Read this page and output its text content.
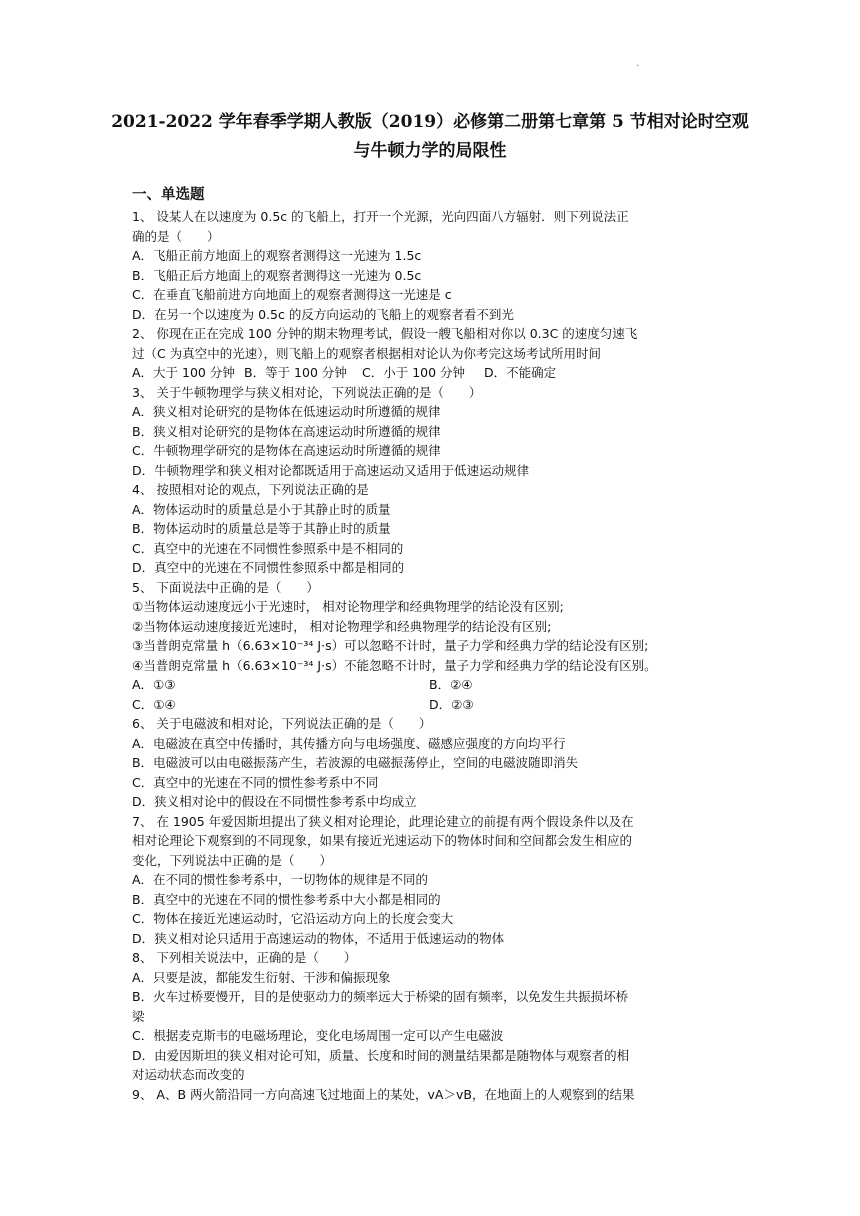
.
2021-2022 学年春季学期人教版（2019）必修第二册第七章第 5 节相对论时空观
与牛顿力学的局限性
一、单选题
1、 设某人在以速度为 0.5c 的飞船上，打开一个光源，光向四面八方辐射．则下列说法正
确的是（　　）
A．飞船正前方地面上的观察者测得这一光速为 1.5c
B．飞船正后方地面上的观察者测得这一光速为 0.5c
C．在垂直飞船前进方向地面上的观察者测得这一光速是 c
D．在另一个以速度为 0.5c 的反方向运动的飞船上的观察者看不到光
2、 你现在正在完成 100 分钟的期末物理考试，假设一艘飞船相对你以 0.3C 的速度匀速飞
过（C 为真空中的光速），则飞船上的观察者根据相对论认为你考完这场考试所用时间
A．大于 100 分钟 B．等于 100 分钟	C．小于 100 分钟	D．不能确定
3、 关于牛顿物理学与狭义相对论，下列说法正确的是（　　）
A．狭义相对论研究的是物体在低速运动时所遵循的规律
B．狭义相对论研究的是物体在高速运动时所遵循的规律
C．牛顿物理学研究的是物体在高速运动时所遵循的规律
D．牛顿物理学和狭义相对论都既适用于高速运动又适用于低速运动规律
4、 按照相对论的观点，下列说法正确的是
A．物体运动时的质量总是小于其静止时的质量
B．物体运动时的质量总是等于其静止时的质量
C．真空中的光速在不同惯性参照系中是不相同的
D．真空中的光速在不同惯性参照系中都是相同的
5、 下面说法中正确的是（　　）
①当物体运动速度远小于光速时， 相对论物理学和经典物理学的结论没有区别;
②当物体运动速度接近光速时， 相对论物理学和经典物理学的结论没有区别;
③当普朗克常量 h（6.63×10⁻³⁴ J·s）可以忽略不计时，量子力学和经典力学的结论没有区别;
④当普朗克常量 h（6.63×10⁻³⁴ J·s）不能忽略不计时，量子力学和经典力学的结论没有区别。
A．①③	B．②④
C．①④	D．②③
6、 关于电磁波和相对论，下列说法正确的是（　　）
A．电磁波在真空中传播时，其传播方向与电场强度、磁感应强度的方向均平行
B．电磁波可以由电磁振荡产生，若波源的电磁振荡停止，空间的电磁波随即消失
C．真空中的光速在不同的惯性参考系中不同
D．狭义相对论中的假设在不同惯性参考系中均成立
7、 在 1905 年爱因斯坦提出了狭义相对论理论，此理论建立的前提有两个假设条件以及在
相对论理论下观察到的不同现象，如果有接近光速运动下的物体时间和空间都会发生相应的
变化，下列说法中正确的是（　　）
A．在不同的惯性参考系中，一切物体的规律是不同的
B．真空中的光速在不同的惯性参考系中大小都是相同的
C．物体在接近光速运动时，它沿运动方向上的长度会变大
D．狭义相对论只适用于高速运动的物体，不适用于低速运动的物体
8、 下列相关说法中，正确的是（　　）
A．只要是波，都能发生衍射、干涉和偏振现象
B．火车过桥要慢开，目的是使驱动力的频率远大于桥梁的固有频率，以免发生共振损坏桥
梁
C．根据麦克斯韦的电磁场理论，变化电场周围一定可以产生电磁波
D．由爱因斯坦的狭义相对论可知，质量、长度和时间的测量结果都是随物体与观察者的相
对运动状态而改变的
9、 A、B 两火箭沿同一方向高速飞过地面上的某处，vA＞vB，在地面上的人观察到的结果
